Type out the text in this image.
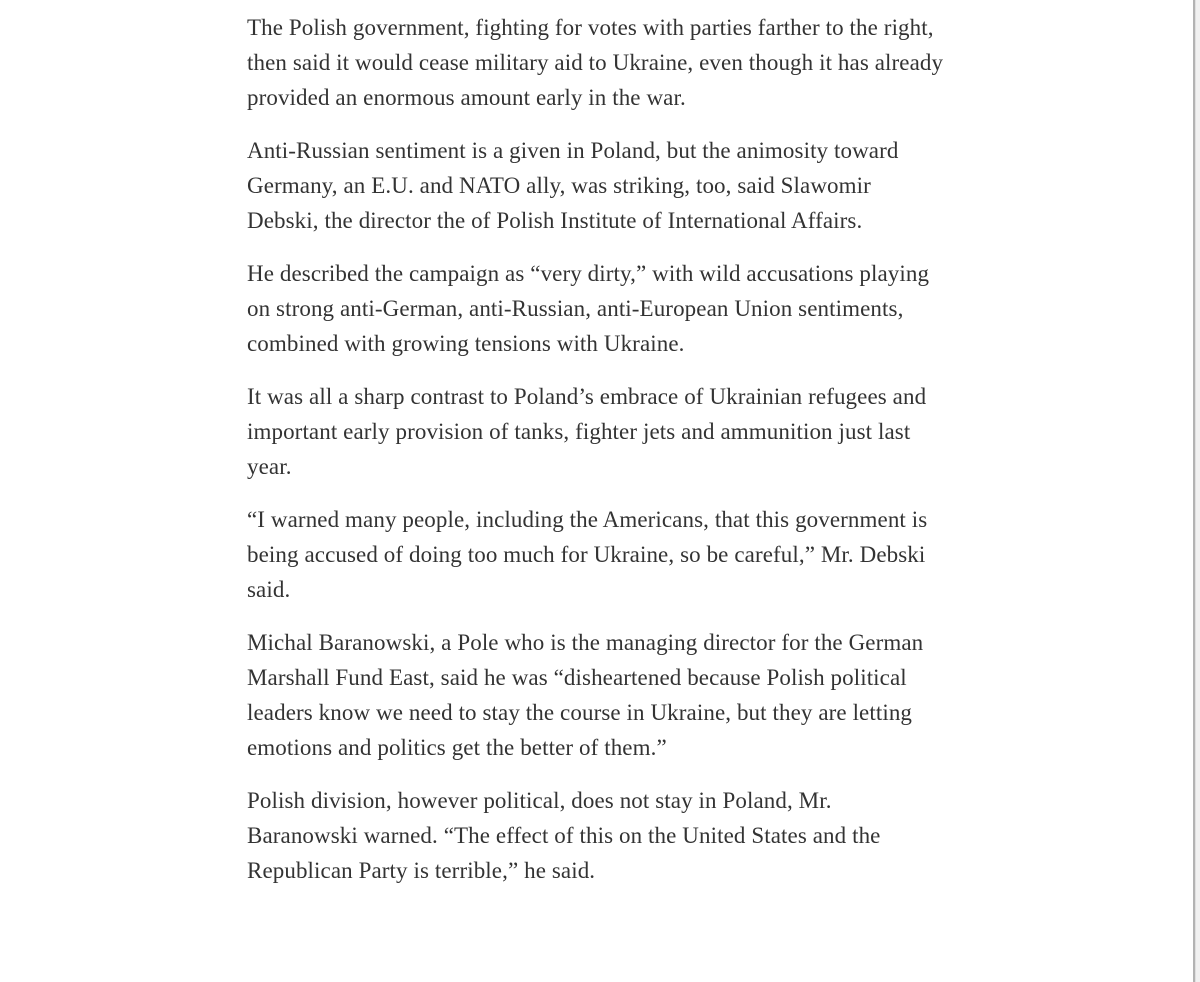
The Polish government, fighting for votes with parties farther to the right, then said it would cease military aid to Ukraine, even though it has already provided an enormous amount early in the war.

Anti-Russian sentiment is a given in Poland, but the animosity toward Germany, an E.U. and NATO ally, was striking, too, said Slawomir Debski, the director the of Polish Institute of International Affairs.

He described the campaign as “very dirty,” with wild accusations playing on strong anti-German, anti-Russian, anti-European Union sentiments, combined with growing tensions with Ukraine.

It was all a sharp contrast to Poland’s embrace of Ukrainian refugees and important early provision of tanks, fighter jets and ammunition just last year.

“I warned many people, including the Americans, that this government is being accused of doing too much for Ukraine, so be careful,” Mr. Debski said.

Michal Baranowski, a Pole who is the managing director for the German Marshall Fund East, said he was “disheartened because Polish political leaders know we need to stay the course in Ukraine, but they are letting emotions and politics get the better of them.”

Polish division, however political, does not stay in Poland, Mr. Baranowski warned. “The effect of this on the United States and the Republican Party is terrible,” he said.
